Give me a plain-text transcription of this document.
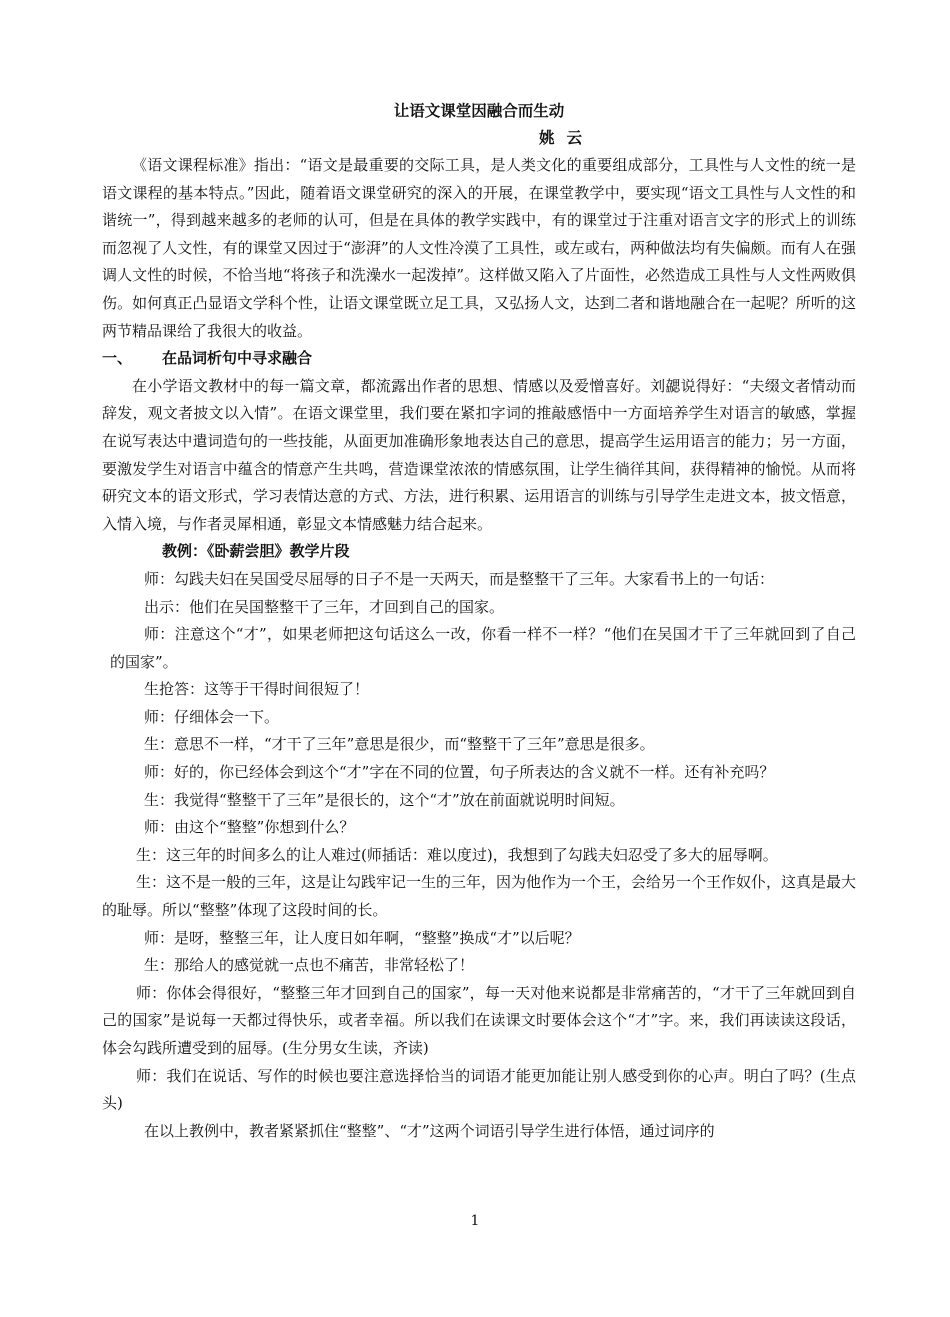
让语文课堂因融合而生动
姚云

《语文课程标准》指出：“语文是最重要的交际工具，是人类文化的重要组成部分，工具性与人文性的统一是语文课程的基本特点。”因此，随着语文课堂研究的深入的开展，在课堂教学中，要实现“语文工具性与人文性的和谐统一”，得到越来越多的老师的认可，但是在具体的教学实践中，有的课堂过于注重对语言文字的形式上的训练而忽视了人文性，有的课堂又因过于“澎湃”的人文性冷漠了工具性，或左或右，两种做法均有失偏颇。而有人在强调人文性的时候，不恰当地“将孩子和洗澡水一起泼掉”。这样做又陷入了片面性，必然造成工具性与人文性两败俱伤。如何真正凸显语文学科个性，让语文课堂既立足工具，又弘扬人文，达到二者和谐地融合在一起呢？所听的这两节精品课给了我很大的收益。

一、 在品词析句中寻求融合

在小学语文教材中的每一篇文章，都流露出作者的思想、情感以及爱憎喜好。刘勰说得好：“夫缀文者情动而辞发，观文者披文以入情”。在语文课堂里，我们要在紧扣字词的推敲感悟中一方面培养学生对语言的敏感，掌握在说写表达中遣词造句的一些技能，从面更加准确形象地表达自己的意思，提高学生运用语言的能力；另一方面，要激发学生对语言中蕴含的情意产生共鸣，营造课堂浓浓的情感氛围，让学生徜徉其间，获得精神的愉悦。从而将研究文本的语文形式，学习表情达意的方式、方法，进行积累、运用语言的训练与引导学生走进文本，披文悟意，入情入境，与作者灵犀相通，彰显文本情感魅力结合起来。

教例：《卧薪尝胆》教学片段

师：勾践夫妇在吴国受尽屈辱的日子不是一天两天，而是整整干了三年。大家看书上的一句话：

出示：他们在吴国整整干了三年，才回到自己的国家。

师：注意这个“才”，如果老师把这句话这么一改，你看一样不一样？“他们在吴国才干了三年就回到了自己的国家”。

生抢答：这等于干得时间很短了！

师：仔细体会一下。

生：意思不一样，“才干了三年”意思是很少，而“整整干了三年”意思是很多。

师：好的，你已经体会到这个“才”字在不同的位置，句子所表达的含义就不一样。还有补充吗？

生：我觉得“整整干了三年”是很长的，这个“才”放在前面就说明时间短。

师：由这个“整整”你想到什么？

生：这三年的时间多么的让人难过(师插话：难以度过)，我想到了勾践夫妇忍受了多大的屈辱啊。

生：这不是一般的三年，这是让勾践牢记一生的三年，因为他作为一个王，会给另一个王作奴仆，这真是最大的耻辱。所以“整整”体现了这段时间的长。

师：是呀，整整三年，让人度日如年啊，“整整”换成“才”以后呢？

生：那给人的感觉就一点也不痛苦，非常轻松了！

师：你体会得很好，“整整三年才回到自己的国家”，每一天对他来说都是非常痛苦的，“才干了三年就回到自己的国家”是说每一天都过得快乐，或者幸福。所以我们在读课文时要体会这个“才”字。来，我们再读读这段话，体会勾践所遭受到的屈辱。(生分男女生读，齐读)

师：我们在说话、写作的时候也要注意选择恰当的词语才能更加能让别人感受到你的心声。明白了吗？(生点头)

在以上教例中，教者紧紧抓住“整整”、“才”这两个词语引导学生进行体悟，通过词序的

1
